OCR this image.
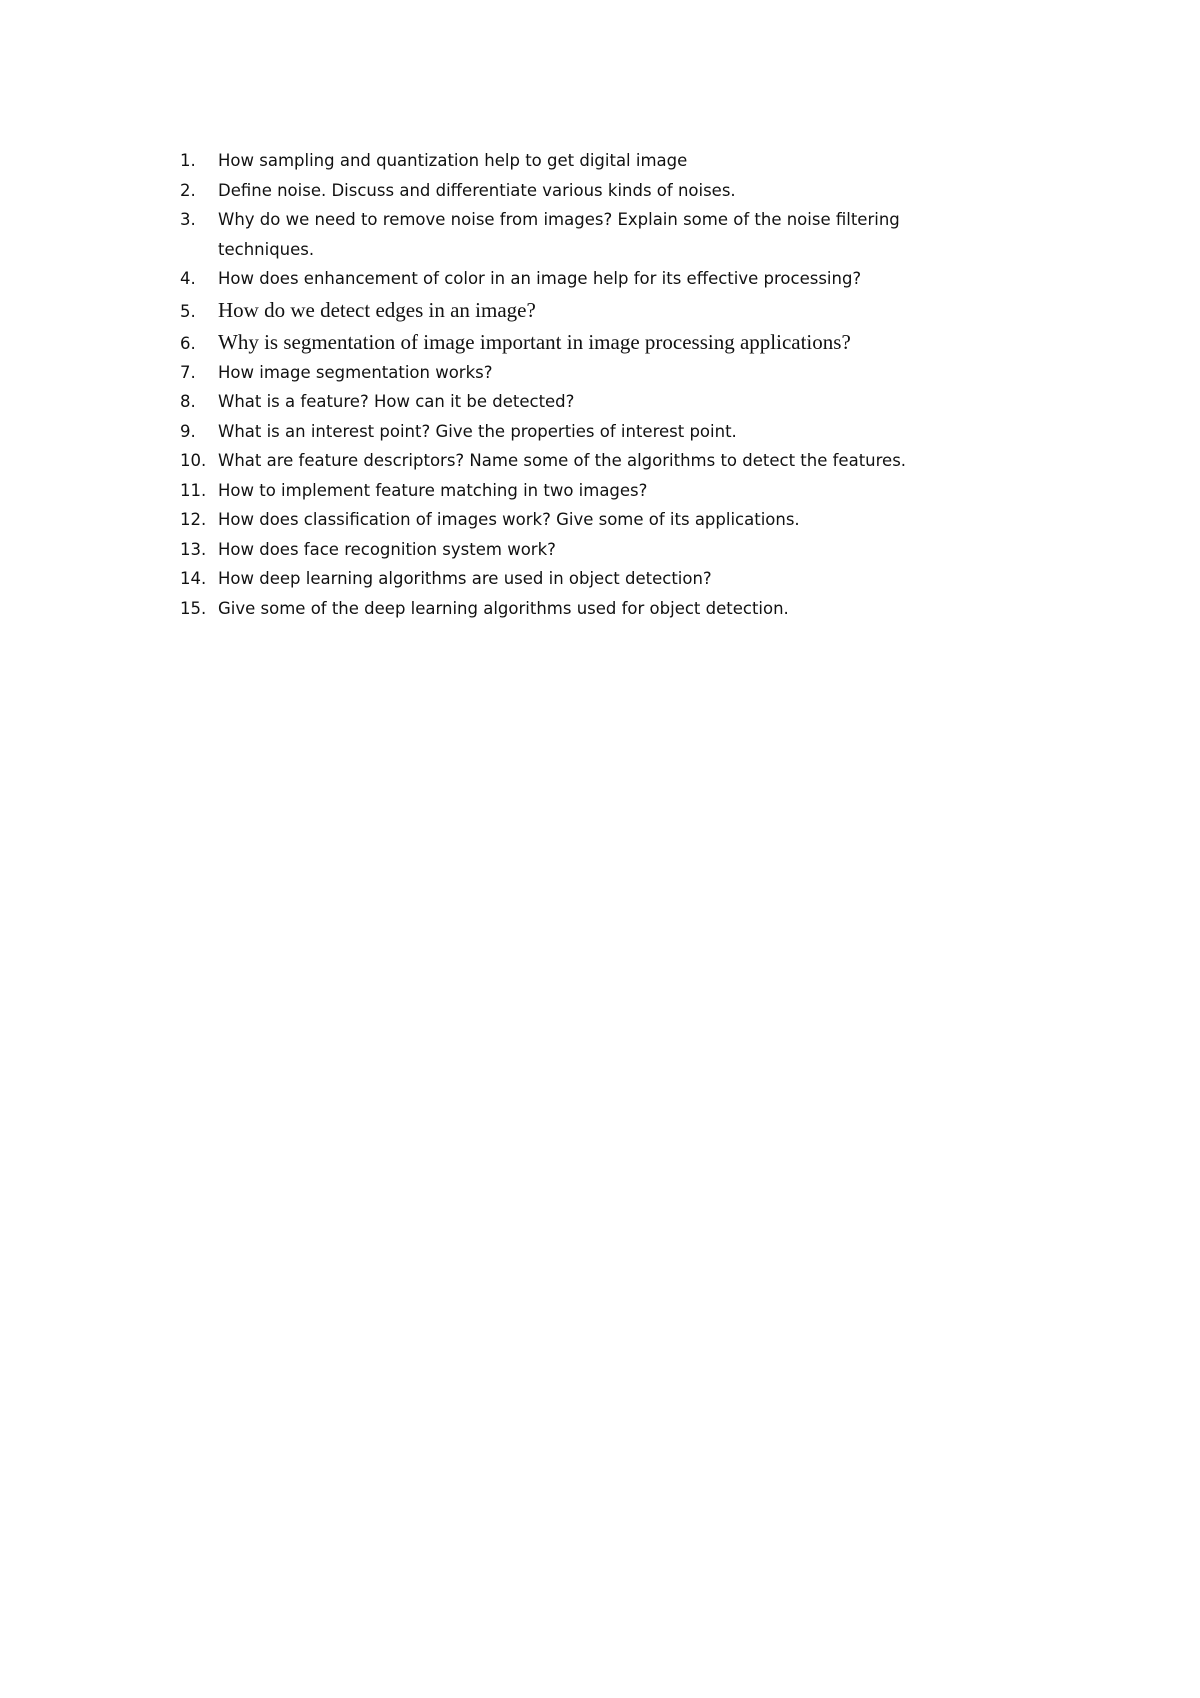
1.	How sampling and quantization help to get digital image
2.	Define noise. Discuss and differentiate various kinds of noises.
3.	Why do we need to remove noise from images? Explain some of the noise filtering techniques.
4.	How does enhancement of color in an image help for its effective processing?
5.	How do we detect edges in an image?
6.	Why is segmentation of image important in image processing applications?
7.	How image segmentation works?
8.	What is a feature? How can it be detected?
9.	What is an interest point? Give the properties of interest point.
10. What are feature descriptors? Name some of the algorithms to detect the features.
11. How to implement feature matching in two images?
12. How does classification of images work? Give some of its applications.
13. How does face recognition system work?
14. How deep learning algorithms are used in object detection?
15. Give some of the deep learning algorithms used for object detection.
